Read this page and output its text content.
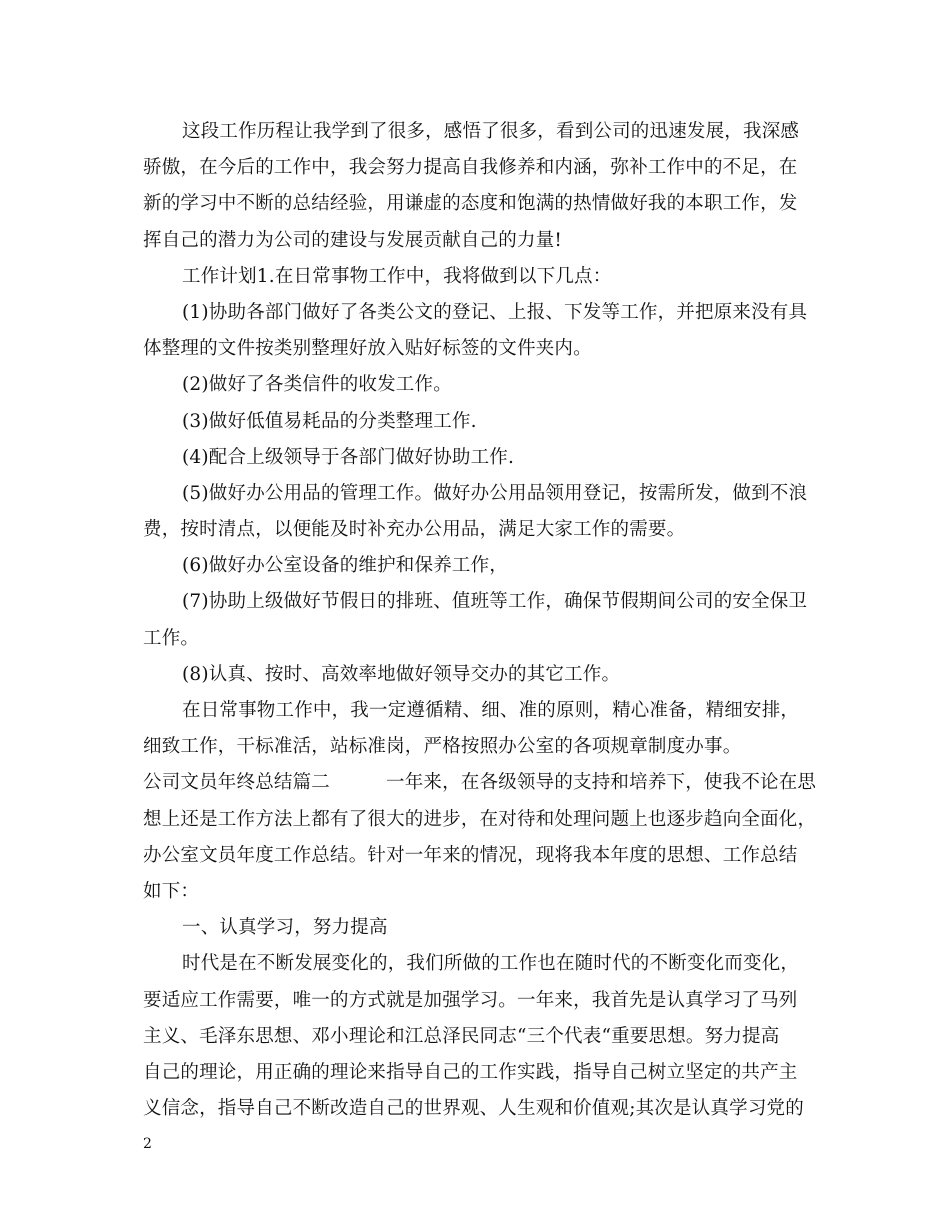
这段工作历程让我学到了很多，感悟了很多，看到公司的迅速发展，我深感
骄傲，在今后的工作中，我会努力提高自我修养和内涵，弥补工作中的不足，在
新的学习中不断的总结经验，用谦虚的态度和饱满的热情做好我的本职工作，发
挥自己的潜力为公司的建设与发展贡献自己的力量!
工作计划1.在日常事物工作中，我将做到以下几点：
(1)协助各部门做好了各类公文的登记、上报、下发等工作，并把原来没有具
体整理的文件按类别整理好放入贴好标签的文件夹内。
(2)做好了各类信件的收发工作。
(3)做好低值易耗品的分类整理工作.
(4)配合上级领导于各部门做好协助工作.
(5)做好办公用品的管理工作。做好办公用品领用登记，按需所发，做到不浪
费，按时清点，以便能及时补充办公用品，满足大家工作的需要。
(6)做好办公室设备的维护和保养工作，
(7)协助上级做好节假日的排班、值班等工作，确保节假期间公司的安全保卫
工作。
(8)认真、按时、高效率地做好领导交办的其它工作。
在日常事物工作中，我一定遵循精、细、准的原则，精心准备，精细安排，
细致工作，干标准活，站标准岗，严格按照办公室的各项规章制度办事。
公司文员年终总结篇二	一年来，在各级领导的支持和培养下，使我不论在思
想上还是工作方法上都有了很大的进步，在对待和处理问题上也逐步趋向全面化，
办公室文员年度工作总结。针对一年来的情况，现将我本年度的思想、工作总结
如下：
一、认真学习，努力提高
时代是在不断发展变化的，我们所做的工作也在随时代的不断变化而变化，
要适应工作需要，唯一的方式就是加强学习。一年来，我首先是认真学习了马列
主义、毛泽东思想、邓小理论和江总泽民同志“三个代表“重要思想。努力提高
自己的理论，用正确的理论来指导自己的工作实践，指导自己树立坚定的共产主
义信念，指导自己不断改造自己的世界观、人生观和价值观;其次是认真学习党的
2
